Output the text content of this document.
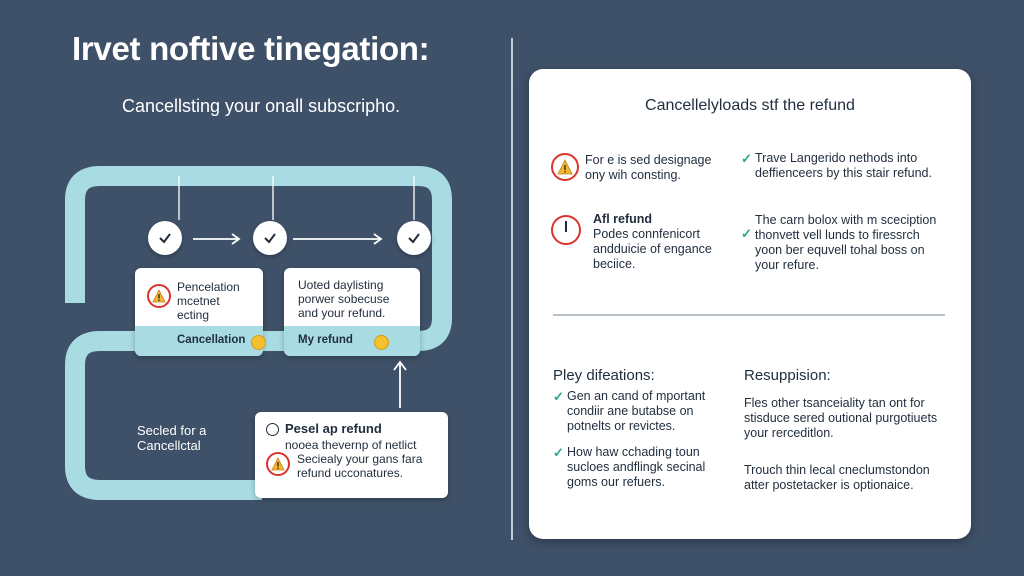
Irvet noftive tinegation:
Cancellsting your onall subscripho.
Pencelation
mcetnet
ecting
Cancellation
Uoted daylisting
porwer sobecuse
and your refund.
My refund
Pesel ap refund
nooea thevernp of netlict
Seciealy your gans fara
refund ucconatures.
Secled for a
Cancellctal
Cancellelyloads stf the refund
For e is sed designage
ony wih consting.
Afl refund
Podes connfenicort
andduicie of engance
beciice.
✓ Trave Langerido nethods into
deffienceers by this stair refund.
✓
The carn bolox with m sceciption
thonvett vell lunds to firessrch
yoon ber equvell tohal boss on
your refure.
Pley difeations:
✓ Gen an cand of mportant
condiir ane butabse on
potnelts or revictes.
✓ How haw cchading toun
sucloes andflingk secinal
goms our refuers.
Resuppision:
Fles other tsanceiality tan ont for
stisduce sered outional purgotiuets
your rerceditlon.
Trouch thin lecal cneclumstondon
atter postetacker is optionaice.
